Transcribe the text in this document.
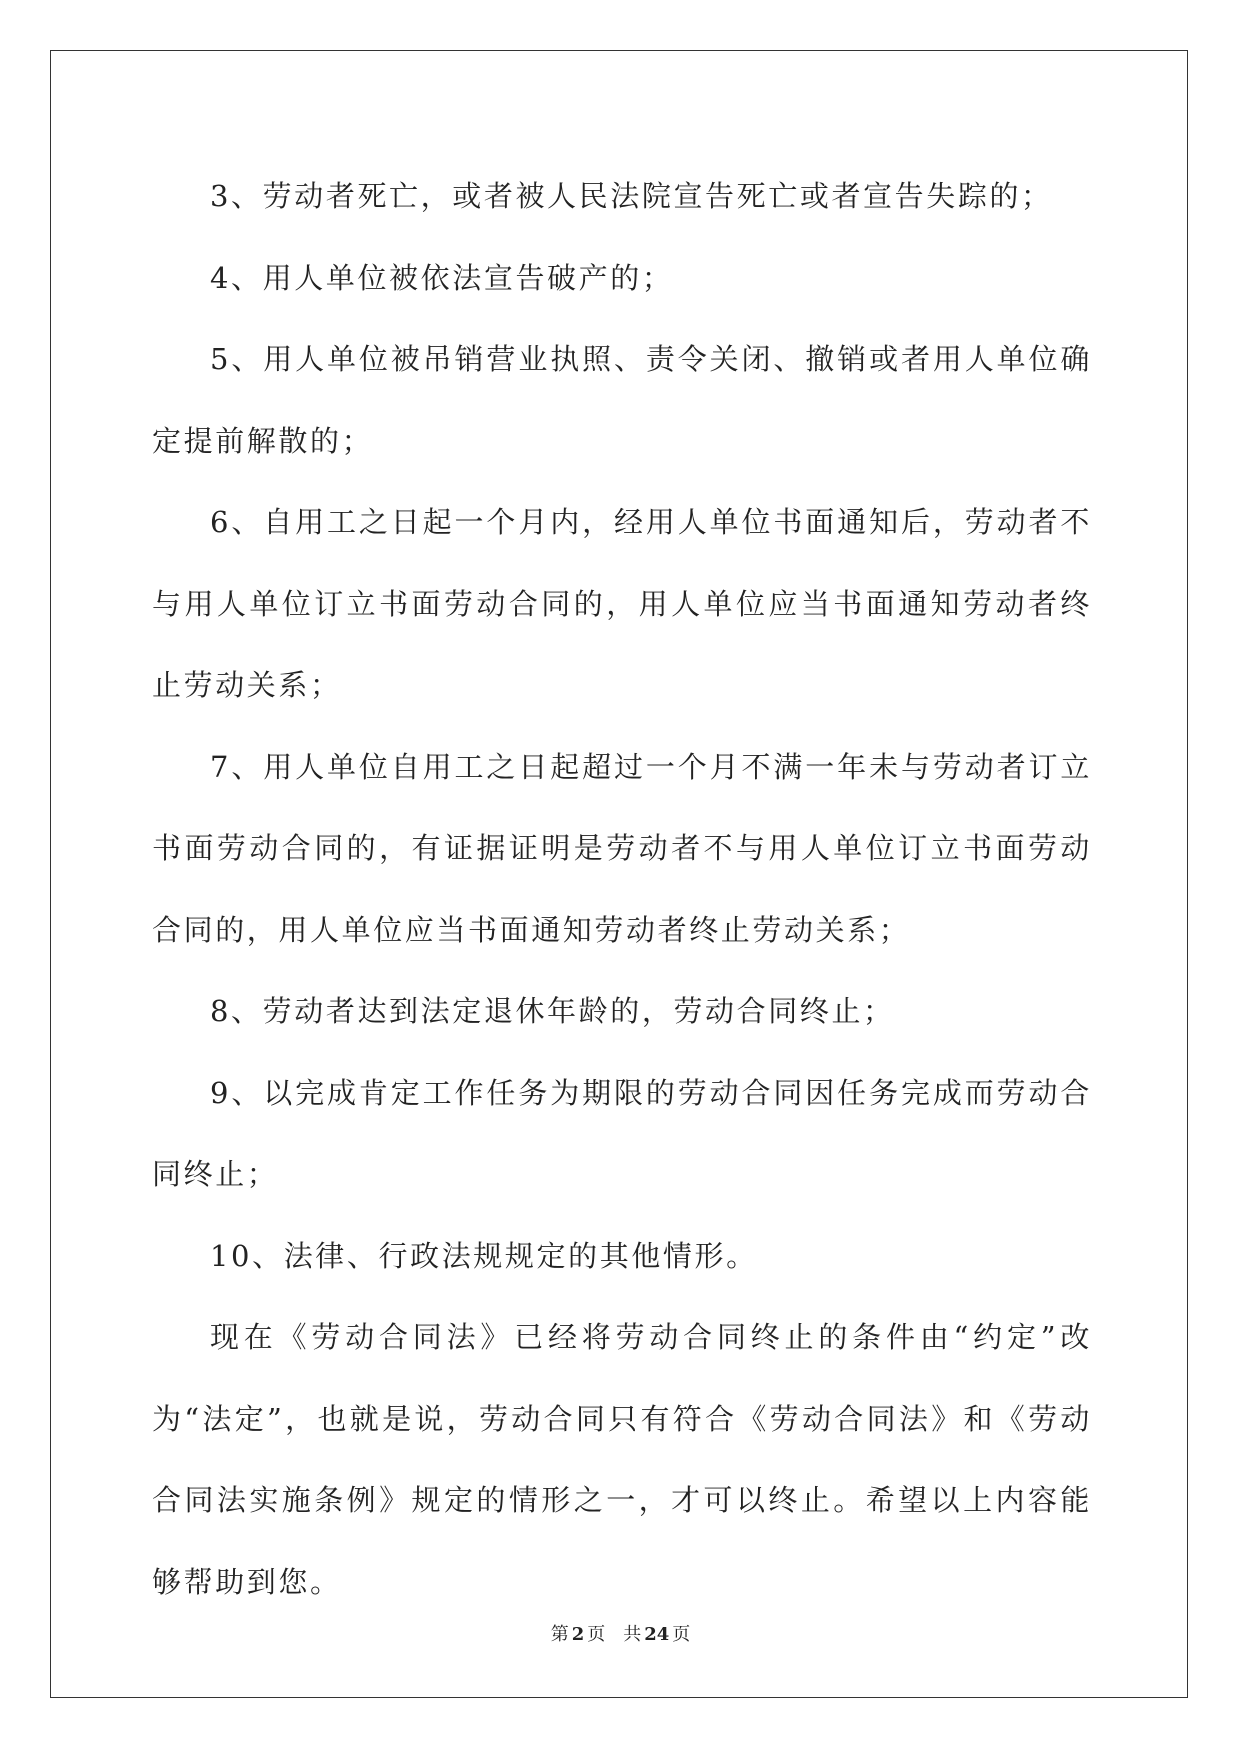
3、劳动者死亡，或者被人民法院宣告死亡或者宣告失踪的；

4、用人单位被依法宣告破产的；

5、用人单位被吊销营业执照、责令关闭、撤销或者用人单位确定提前解散的；

6、自用工之日起一个月内，经用人单位书面通知后，劳动者不与用人单位订立书面劳动合同的，用人单位应当书面通知劳动者终止劳动关系；

7、用人单位自用工之日起超过一个月不满一年未与劳动者订立书面劳动合同的，有证据证明是劳动者不与用人单位订立书面劳动合同的，用人单位应当书面通知劳动者终止劳动关系；

8、劳动者达到法定退休年龄的，劳动合同终止；

9、以完成肯定工作任务为期限的劳动合同因任务完成而劳动合同终止；

10、法律、行政法规规定的其他情形。

现在《劳动合同法》已经将劳动合同终止的条件由“约定”改为“法定”，也就是说，劳动合同只有符合《劳动合同法》和《劳动合同法实施条例》规定的情形之一，才可以终止。希望以上内容能够帮助到您。

第 2 页 共 24 页
